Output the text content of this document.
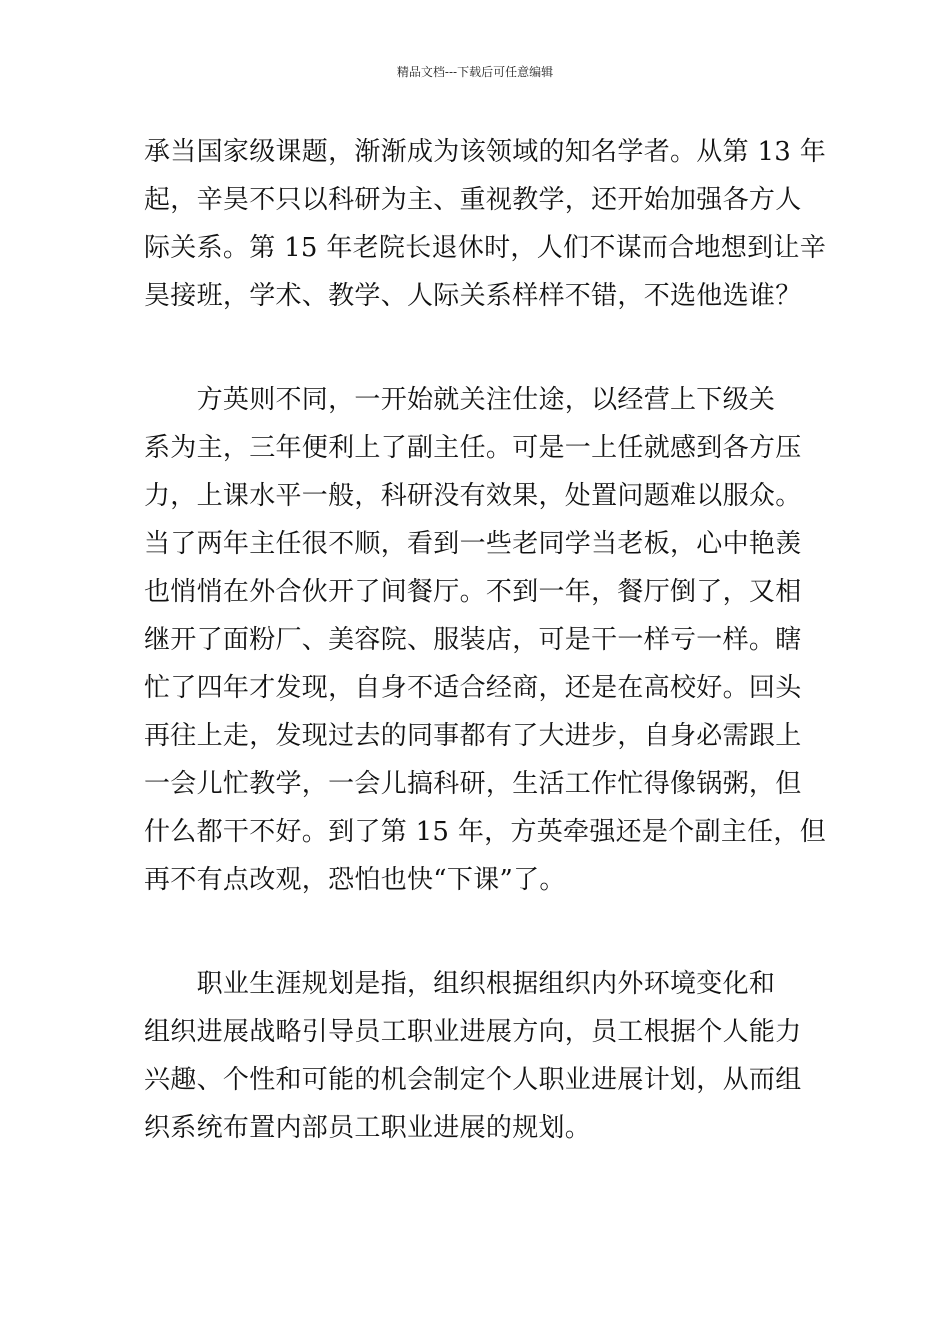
精品文档---下载后可任意编辑
承当国家级课题，渐渐成为该领域的知名学者。从第 13 年
起，辛昊不只以科研为主、重视教学，还开始加强各方人
际关系。第 15 年老院长退休时，人们不谋而合地想到让辛
昊接班，学术、教学、人际关系样样不错，不选他选谁？
　　方英则不同，一开始就关注仕途，以经营上下级关
系为主，三年便利上了副主任。可是一上任就感到各方压
力，上课水平一般，科研没有效果，处置问题难以服众。
当了两年主任很不顺，看到一些老同学当老板，心中艳羡
也悄悄在外合伙开了间餐厅。不到一年，餐厅倒了，又相
继开了面粉厂、美容院、服装店，可是干一样亏一样。瞎
忙了四年才发现，自身不适合经商，还是在高校好。回头
再往上走，发现过去的同事都有了大进步，自身必需跟上
一会儿忙教学，一会儿搞科研，生活工作忙得像锅粥，但
什么都干不好。到了第 15 年，方英牵强还是个副主任，但
再不有点改观，恐怕也快“下课”了。
　　职业生涯规划是指，组织根据组织内外环境变化和
组织进展战略引导员工职业进展方向，员工根据个人能力
兴趣、个性和可能的机会制定个人职业进展计划，从而组
织系统布置内部员工职业进展的规划。
